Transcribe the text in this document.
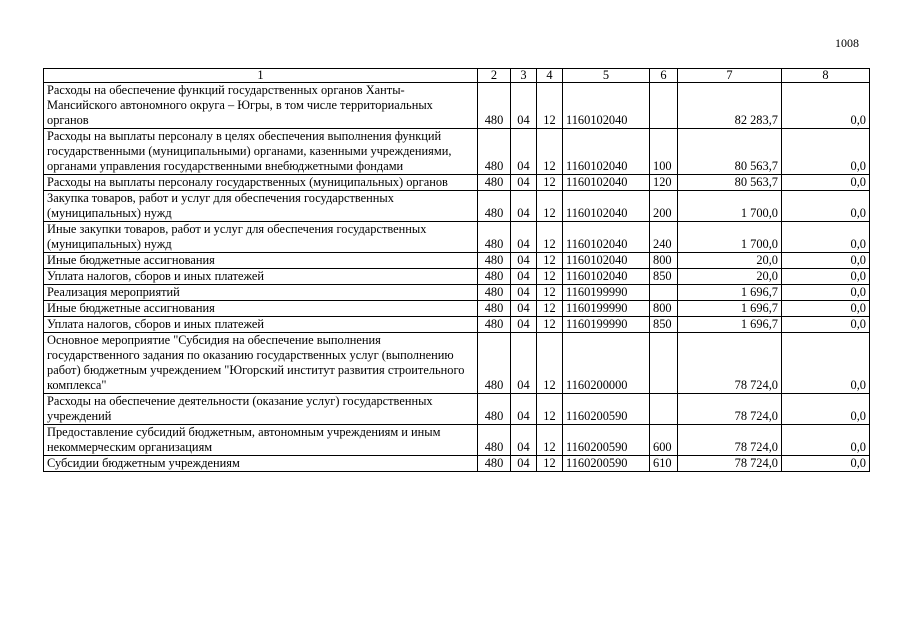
1008
1	2	3	4	5	6	7	8
Расходы на обеспечение функций государственных органов Ханты-Мансийского автономного округа – Югры, в том числе территориальных органов	480	04	12	1160102040		82 283,7	0,0
Расходы на выплаты персоналу в целях обеспечения выполнения функций государственными (муниципальными) органами, казенными учреждениями, органами управления государственными внебюджетными фондами	480	04	12	1160102040	100	80 563,7	0,0
Расходы на выплаты персоналу государственных (муниципальных) органов	480	04	12	1160102040	120	80 563,7	0,0
Закупка товаров, работ и услуг для обеспечения государственных (муниципальных) нужд	480	04	12	1160102040	200	1 700,0	0,0
Иные закупки товаров, работ и услуг для обеспечения государственных (муниципальных) нужд	480	04	12	1160102040	240	1 700,0	0,0
Иные бюджетные ассигнования	480	04	12	1160102040	800	20,0	0,0
Уплата налогов, сборов и иных платежей	480	04	12	1160102040	850	20,0	0,0
Реализация мероприятий	480	04	12	1160199990		1 696,7	0,0
Иные бюджетные ассигнования	480	04	12	1160199990	800	1 696,7	0,0
Уплата налогов, сборов и иных платежей	480	04	12	1160199990	850	1 696,7	0,0
Основное мероприятие "Субсидия на обеспечение выполнения государственного задания по оказанию государственных услуг (выполнению работ) бюджетным учреждением "Югорский институт развития строительного комплекса"	480	04	12	1160200000		78 724,0	0,0
Расходы на обеспечение деятельности (оказание услуг) государственных учреждений	480	04	12	1160200590		78 724,0	0,0
Предоставление субсидий бюджетным, автономным учреждениям и иным некоммерческим организациям	480	04	12	1160200590	600	78 724,0	0,0
Субсидии бюджетным учреждениям	480	04	12	1160200590	610	78 724,0	0,0
